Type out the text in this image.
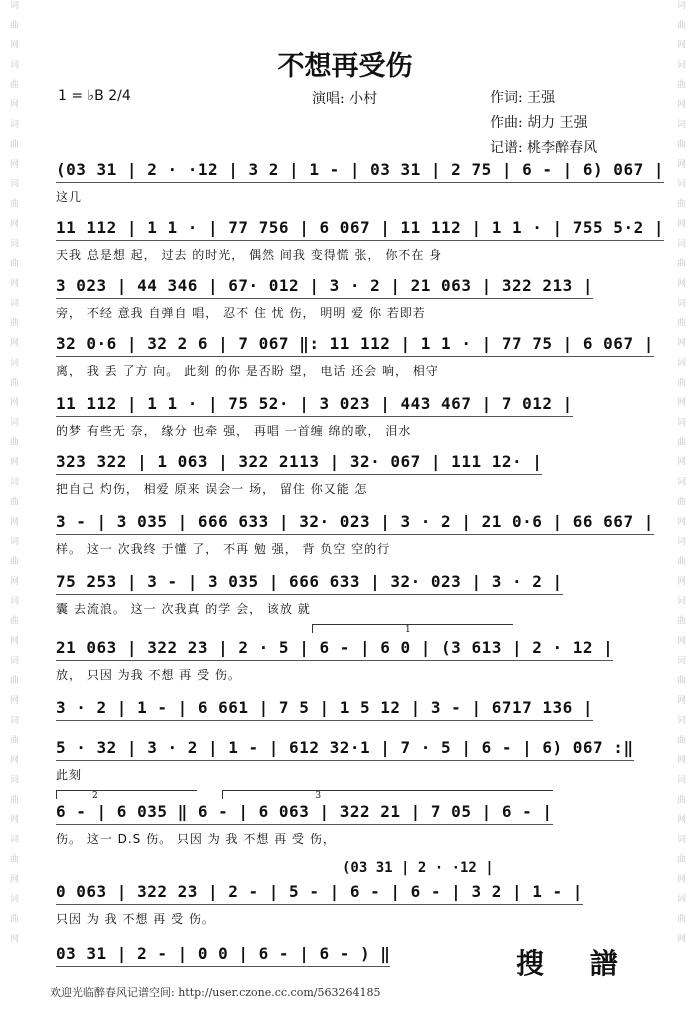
词 曲 网 词 曲 网 词 曲 网 词 曲 网 词 曲 网 词 曲 网 词 曲 网 词 曲 网 词 曲 网 词 曲 网 词 曲 网 词 曲 网 词 曲 网 词 曲 网 词 曲 网 词 曲 网	词 曲 网 词 曲 网 词 曲 网 词 曲 网 词 曲 网 词 曲 网 词 曲 网 词 曲 网 词 曲 网 词 曲 网 词 曲 网 词 曲 网 词 曲 网 词 曲 网 词 曲 网 词 曲 网
不想再受伤
1 = ♭B 2/4	演唱: 小村	作词: 王强
作曲: 胡力 王强
记谱: 桃李醉春风
(03 31 | 2 · ·12 | 3 2 | 1 - | 03 31 | 2 75 | 6 - | 6) 067 |
这几
11 112 | 1 1 · | 77 756 | 6 067 | 11 112 | 1 1 · | 755 5·2 |
天我 总是想 起， 过去 的时光， 偶然 间我 变得慌 张， 你不在 身
3 023 | 44 346 | 67· 012 | 3 · 2 | 21 063 | 322 213 |
旁， 不经 意我 自弹自 唱， 忍不 住 忧 伤， 明明 爱 你 若即若
32 0·6 | 32 2 6 | 7 067 ‖: 11 112 | 1 1 · | 77 75 | 6 067 |
离， 我 丢 了方 向。 此刻 的你 是否盼 望， 电话 还会 响， 相守
11 112 | 1 1 · | 75 52· | 3 023 | 443 467 | 7 012 |
的梦 有些无 奈， 缘分 也牵 强， 再唱 一首缠 绵的歌， 泪水
323 322 | 1 063 | 322 2113 | 32· 067 | 111 12· |
把自己 灼伤， 相爱 原来 误会一 场， 留住 你又能 怎
3 - | 3 035 | 666 633 | 32· 023 | 3 · 2 | 21 0·6 | 66 667 |
样。 这一 次我终 于懂 了， 不再 勉 强， 背 负空 空的行
75 253 | 3 - | 3 035 | 666 633 | 32· 023 | 3 · 2 |
囊 去流浪。 这一 次我真 的学 会， 该放 就
1
21 063 | 322 23 | 2 · 5 | 6 - | 6 0 | (3 613 | 2 · 12 |
放， 只因 为我 不想 再 受 伤。
3 · 2 | 1 - | 6 661 | 7 5 | 1 5 12 | 3 - | 6717 136 |
5 · 32 | 3 · 2 | 1 - | 612 32·1 | 7 · 5 | 6 - | 6) 067 :‖
此刻
2	3
6 - | 6 035 ‖ 6 - | 6 063 | 322 21 | 7 05 | 6 - |
伤。 这一 D.S 伤。 只因 为 我 不想 再 受 伤，
(03 31 | 2 · ·12 |
0 063 | 322 23 | 2 - | 5 - | 6 - | 6 - | 3 2 | 1 - |
只因 为 我 不想 再 受 伤。
03 31 | 2 - | 0 0 | 6 - | 6 - ) ‖	搜 譜
欢迎光临醉春风记谱空间: http://user.czone.cc.com/563264185
